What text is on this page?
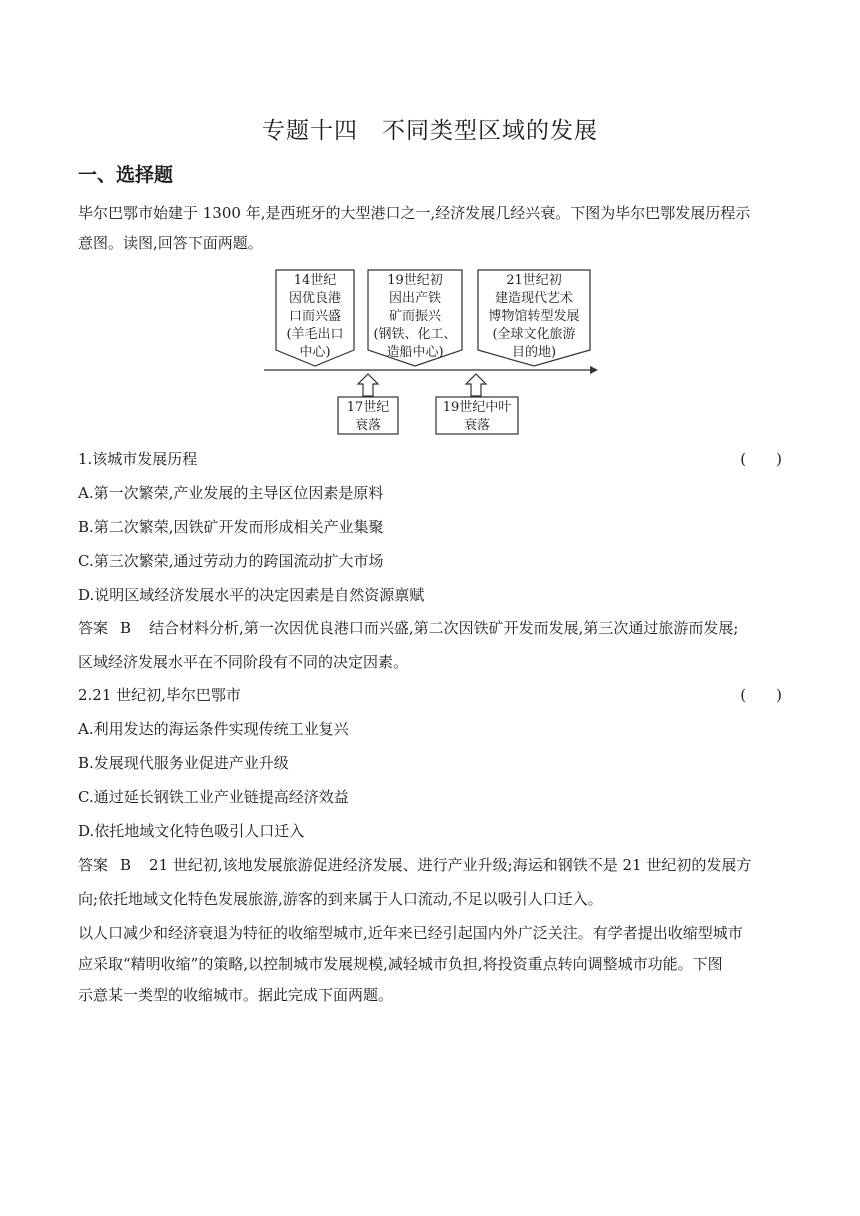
专题十四　不同类型区域的发展
一、选择题
毕尔巴鄂市始建于 1300 年,是西班牙的大型港口之一,经济发展几经兴衰。下图为毕尔巴鄂发展历程示
意图。读图,回答下面两题。
14世纪
因优良港
口而兴盛
(羊毛出口
中心)
19世纪初
因出产铁
矿而振兴
(钢铁、化工、
造船中心)
21世纪初
建造现代艺术
博物馆转型发展
(全球文化旅游
目的地)
17世纪
衰落
19世纪中叶
衰落
1.该城市发展历程	(　　)
A.第一次繁荣,产业发展的主导区位因素是原料
B.第二次繁荣,因铁矿开发而形成相关产业集聚
C.第三次繁荣,通过劳动力的跨国流动扩大市场
D.说明区域经济发展水平的决定因素是自然资源禀赋
答案 B 结合材料分析,第一次因优良港口而兴盛,第二次因铁矿开发而发展,第三次通过旅游而发展;
区域经济发展水平在不同阶段有不同的决定因素。
2.21 世纪初,毕尔巴鄂市	(　　)
A.利用发达的海运条件实现传统工业复兴
B.发展现代服务业促进产业升级
C.通过延长钢铁工业产业链提高经济效益
D.依托地域文化特色吸引人口迁入
答案 B 21 世纪初,该地发展旅游促进经济发展、进行产业升级;海运和钢铁不是 21 世纪初的发展方
向;依托地域文化特色发展旅游,游客的到来属于人口流动,不足以吸引人口迁入。
以人口减少和经济衰退为特征的收缩型城市,近年来已经引起国内外广泛关注。有学者提出收缩型城市
应采取“精明收缩”的策略,以控制城市发展规模,减轻城市负担,将投资重点转向调整城市功能。下图
示意某一类型的收缩城市。据此完成下面两题。
